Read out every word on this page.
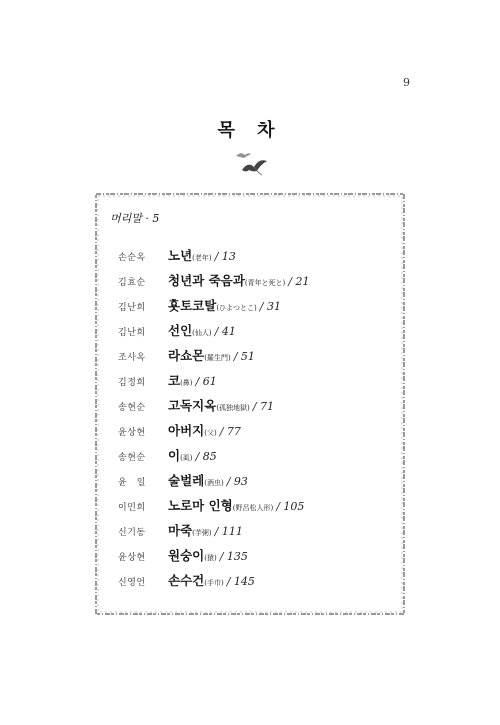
9
목 차
머리말 · 5
손순옥	노년 (老年) / 13
김효순	청년과 죽음과 (青年と死と) / 21
김난희	횻토코탈 (ひよつとこ) / 31
김난희	선인 (仙人) / 41
조사옥	라쇼몬 (羅生門) / 51
김정희	코 (鼻) / 61
송현순	고독지옥 (孤独地獄) / 71
윤상현	아버지 (父) / 77
송현순	이 (虱) / 85
윤　일	술벌레 (酒虫) / 93
이민희	노로마 인형 (野呂松人形) / 105
신기동	마죽 (芋粥) / 111
윤상현	원숭이 (猿) / 135
신영언	손수건 (手巾) / 145
